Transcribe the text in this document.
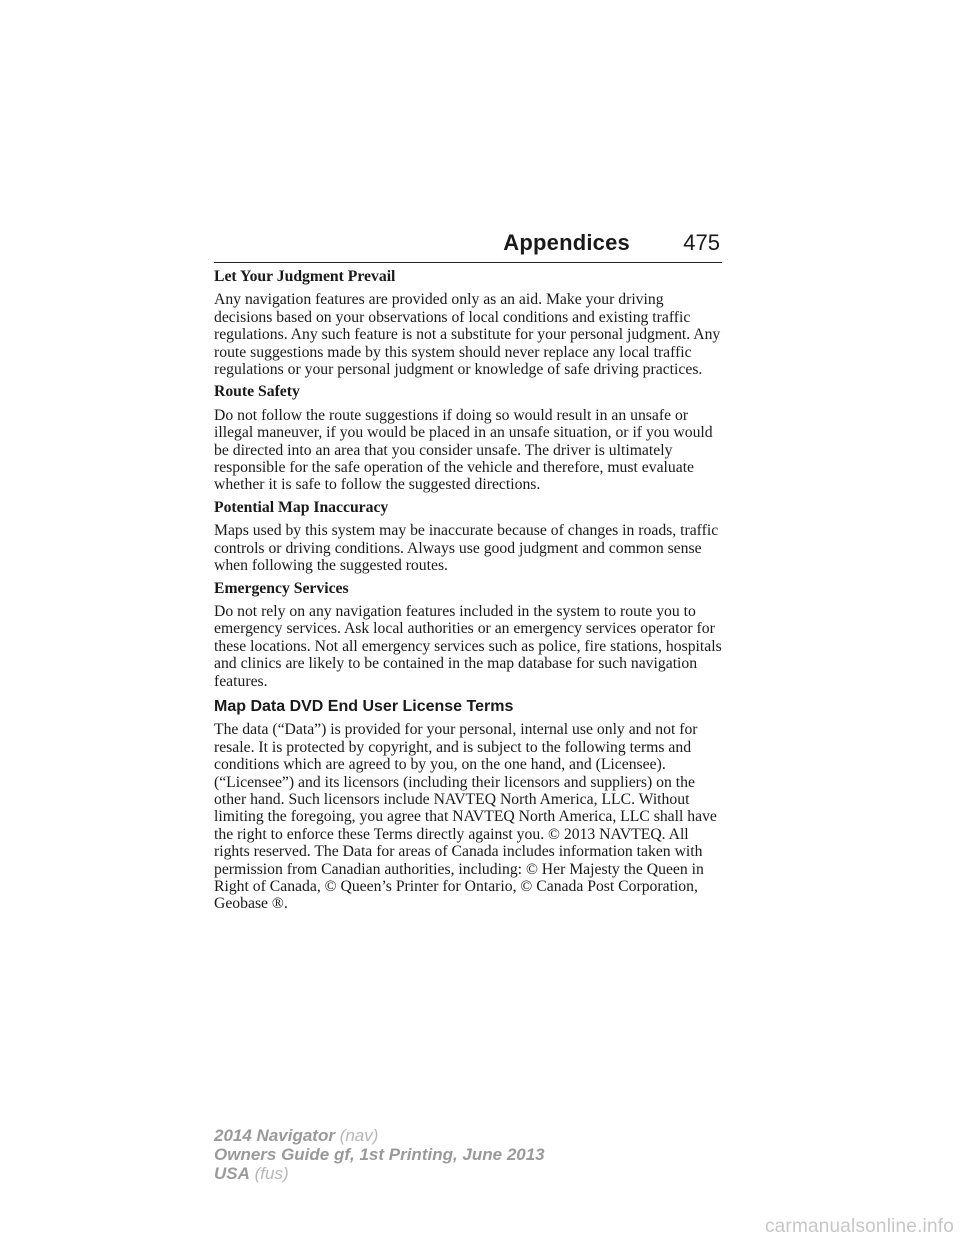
Appendices 475
Let Your Judgment Prevail

Any navigation features are provided only as an aid. Make your driving decisions based on your observations of local conditions and existing traffic regulations. Any such feature is not a substitute for your personal judgment. Any route suggestions made by this system should never replace any local traffic regulations or your personal judgment or knowledge of safe driving practices.

Route Safety

Do not follow the route suggestions if doing so would result in an unsafe or illegal maneuver, if you would be placed in an unsafe situation, or if you would be directed into an area that you consider unsafe. The driver is ultimately responsible for the safe operation of the vehicle and therefore, must evaluate whether it is safe to follow the suggested directions.

Potential Map Inaccuracy

Maps used by this system may be inaccurate because of changes in roads, traffic controls or driving conditions. Always use good judgment and common sense when following the suggested routes.

Emergency Services

Do not rely on any navigation features included in the system to route you to emergency services. Ask local authorities or an emergency services operator for these locations. Not all emergency services such as police, fire stations, hospitals and clinics are likely to be contained in the map database for such navigation features.

Map Data DVD End User License Terms

The data (“Data”) is provided for your personal, internal use only and not for resale. It is protected by copyright, and is subject to the following terms and conditions which are agreed to by you, on the one hand, and (Licensee). (“Licensee”) and its licensors (including their licensors and suppliers) on the other hand. Such licensors include NAVTEQ North America, LLC. Without limiting the foregoing, you agree that NAVTEQ North America, LLC shall have the right to enforce these Terms directly against you. © 2013 NAVTEQ. All rights reserved. The Data for areas of Canada includes information taken with permission from Canadian authorities, including: © Her Majesty the Queen in Right of Canada, © Queen’s Printer for Ontario, © Canada Post Corporation, Geobase ®.

2014 Navigator (nav)
Owners Guide gf, 1st Printing, June 2013
USA (fus)
carmanualsonline.info
